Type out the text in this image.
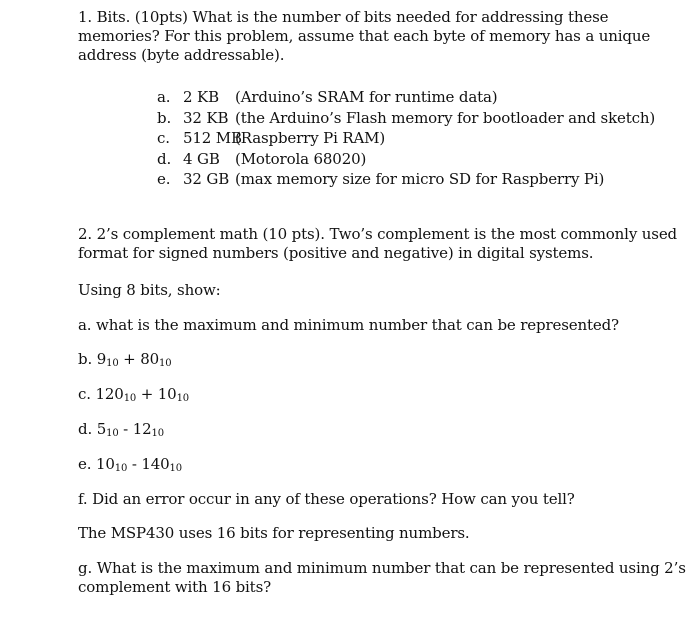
1. Bits. (10pts) What is the number of bits needed for addressing these memories? For this problem, assume that each byte of memory has a unique address (byte addressable).
a. 2 KB	(Arduino’s SRAM for runtime data)
b. 32 KB (the Arduino’s Flash memory for bootloader and sketch)
c. 512 MB
(Raspberry Pi RAM)
d. 4 GB	(Motorola 68020)
e. 32 GB (max memory size for micro SD for Raspberry Pi)
2. 2’s complement math (10 pts). Two’s complement is the most commonly used format for signed numbers (positive and negative) in digital systems.
Using 8 bits, show:
a. what is the maximum and minimum number that can be represented?
b. $9_{10} + 80_{10}$
c. $120_{10} + 10_{10}$
d. $5_{10} - 12_{10}$
e. $10_{10} - 140_{10}$
f. Did an error occur in any of these operations? How can you tell?
The MSP430 uses 16 bits for representing numbers.
g. What is the maximum and minimum number that can be represented using 2’s complement with 16 bits?
